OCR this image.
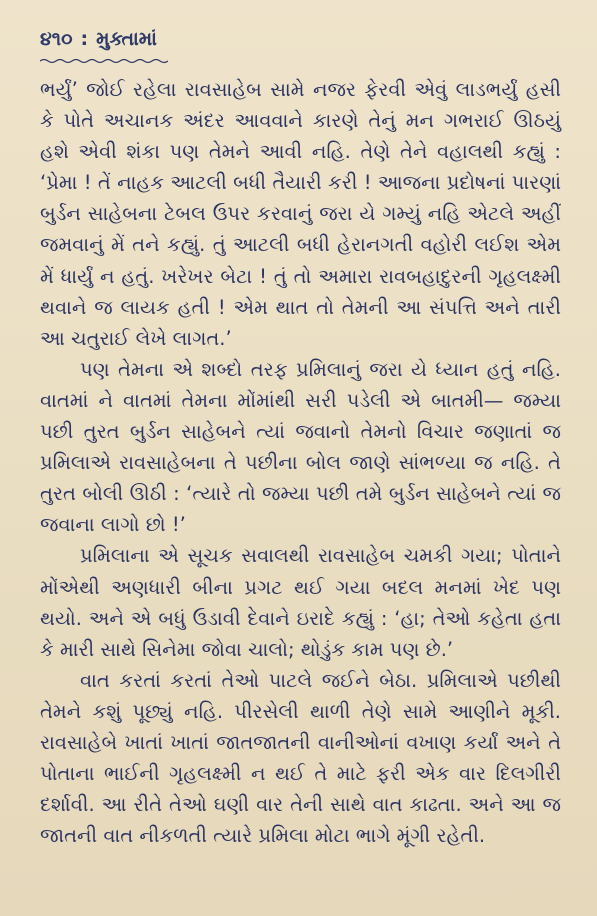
૪૧૦ : મુક્તામાં

ભર્યું’ જોઈ રહેલા રાવસાહેબ સામે નજર ફેરવી એવું લાડભર્યું હસી કે પોતે અચાનક અંદર આવવાને કારણે તેનું મન ગભરાઈ ઊઠયું હશે એવી શંકા પણ તેમને આવી નહિ. તેણે તેને વહાલથી કહ્યું : ‘પ્રેમા ! તેં નાહક આટલી બધી તૈયારી કરી ! આજના પ્રદોષનાં પારણાં બુર્ડન સાહેબના ટેબલ ઉપર કરવાનું જરા યે ગમ્યું નહિ એટલે અહીં જમવાનું મેં તને કહ્યું. તું આટલી બધી હેરાનગતી વહોરી લઈશ એમ મેં ધાર્યું ન હતું. ખરેખર બેટા ! તું તો અમારા રાવબહાદુરની ગૃહલક્ષ્મી થવાને જ લાયક હતી ! એમ થાત તો તેમની આ સંપત્તિ અને તારી આ ચતુરાઈ લેખે લાગત.’

પણ તેમના એ શબ્દો તરફ પ્રમિલાનું જરા યે ધ્યાન હતું નહિ. વાતમાં ને વાતમાં તેમના મોંમાંથી સરી પડેલી એ બાતમી— જમ્યા પછી તુરત બુર્ડન સાહેબને ત્યાં જવાનો તેમનો વિચાર જણાતાં જ પ્રમિલાએ રાવસાહેબના તે પછીના બોલ જાણે સાંભળ્યા જ નહિ. તે તુરત બોલી ઊઠી : ‘ત્યારે તો જમ્યા પછી તમે બુર્ડન સાહેબને ત્યાં જ જવાના લાગો છો !’

પ્રમિલાના એ સૂચક સવાલથી રાવસાહેબ ચમકી ગયા; પોતાને મોંએથી અણધારી બીના પ્રગટ થઈ ગયા બદલ મનમાં ખેદ પણ થયો. અને એ બધું ઉડાવી દેવાને ઇરાદે કહ્યું : ‘હા; તેઓ કહેતા હતા કે મારી સાથે સિનેમા જોવા ચાલો; થોડુંક કામ પણ છે.’

વાત કરતાં કરતાં તેઓ પાટલે જઈને બેઠા. પ્રમિલાએ પછીથી તેમને કશું પૂછ્યું નહિ. પીરસેલી થાળી તેણે સામે આણીને મૂકી. રાવસાહેબે ખાતાં ખાતાં જાતજાતની વાનીઓનાં વખાણ કર્યાં અને તે પોતાના ભાઈની ગૃહલક્ષ્મી ન થઈ તે માટે ફરી એક વાર દિલગીરી દર્શાવી. આ રીતે તેઓ ઘણી વાર તેની સાથે વાત કાઢતા. અને આ જ જાતની વાત નીકળતી ત્યારે પ્રમિલા મોટા ભાગે મૂંગી રહેતી.
